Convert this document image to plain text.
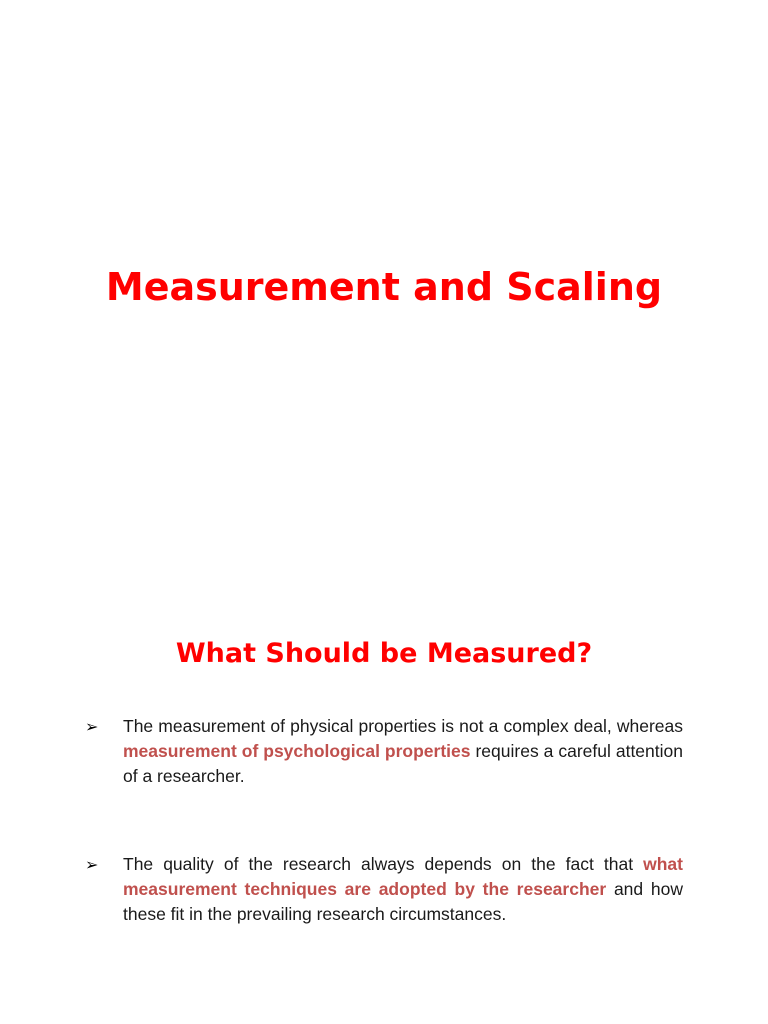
Measurement and Scaling
What Should be Measured?
➢ The measurement of physical properties is not a complex deal, whereas measurement of psychological properties requires a careful attention of a researcher.
➢ The quality of the research always depends on the fact that what measurement techniques are adopted by the researcher and how these fit in the prevailing research circumstances.
